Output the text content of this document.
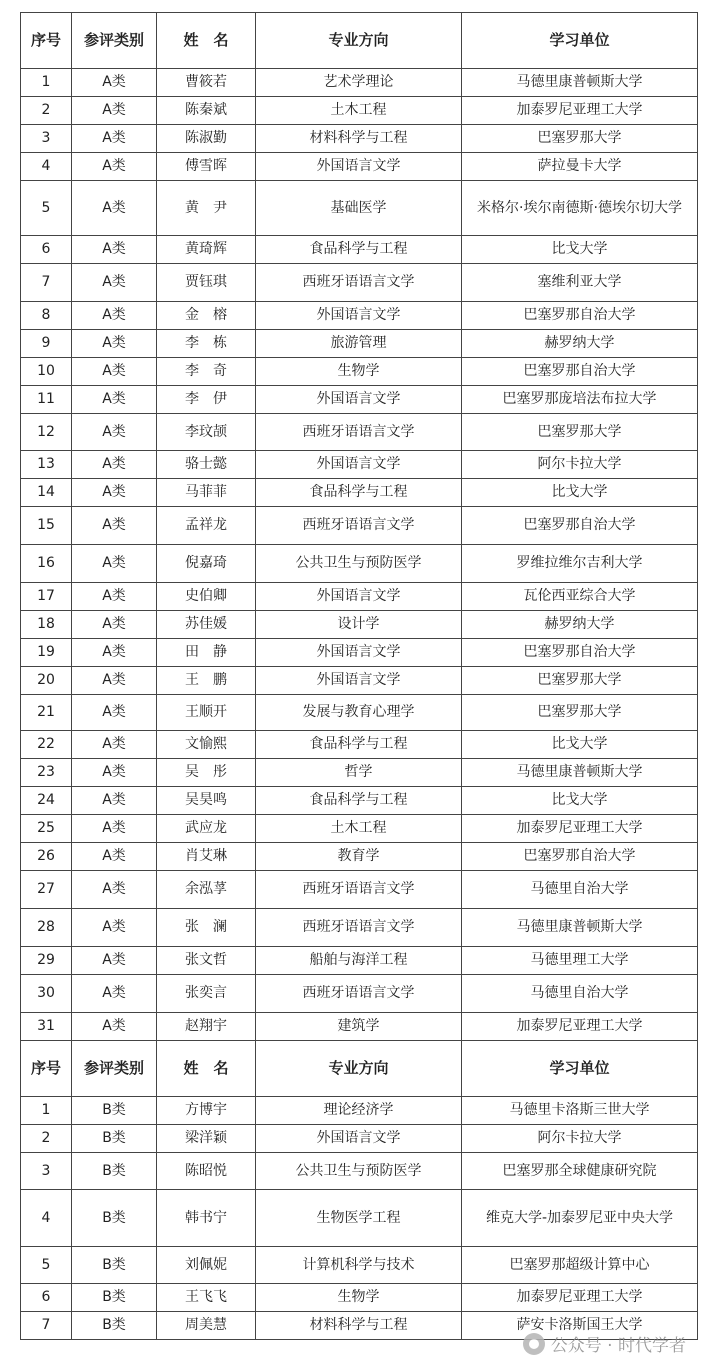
序号	参评类别	姓　名	专业方向	学习单位
1	A类	曹筱若	艺术学理论	马德里康普顿斯大学
2	A类	陈秦斌	土木工程	加泰罗尼亚理工大学
3	A类	陈淑勤	材料科学与工程	巴塞罗那大学
4	A类	傅雪晖	外国语言文学	萨拉曼卡大学
5	A类	黄　尹	基础医学	米格尔·埃尔南德斯·德埃尔切大学
6	A类	黄琦辉	食品科学与工程	比戈大学
7	A类	贾钰琪	西班牙语语言文学	塞维利亚大学
8	A类	金　榕	外国语言文学	巴塞罗那自治大学
9	A类	李　栋	旅游管理	赫罗纳大学
10	A类	李　奇	生物学	巴塞罗那自治大学
11	A类	李　伊	外国语言文学	巴塞罗那庞培法布拉大学
12	A类	李玟颉	西班牙语语言文学	巴塞罗那大学
13	A类	骆士懿	外国语言文学	阿尔卡拉大学
14	A类	马菲菲	食品科学与工程	比戈大学
15	A类	孟祥龙	西班牙语语言文学	巴塞罗那自治大学
16	A类	倪嘉琦	公共卫生与预防医学	罗维拉维尔吉利大学
17	A类	史伯卿	外国语言文学	瓦伦西亚综合大学
18	A类	苏佳媛	设计学	赫罗纳大学
19	A类	田　静	外国语言文学	巴塞罗那自治大学
20	A类	王　鹏	外国语言文学	巴塞罗那大学
21	A类	王顺开	发展与教育心理学	巴塞罗那大学
22	A类	文愉熙	食品科学与工程	比戈大学
23	A类	吴　彤	哲学	马德里康普顿斯大学
24	A类	吴昊鸣	食品科学与工程	比戈大学
25	A类	武应龙	土木工程	加泰罗尼亚理工大学
26	A类	肖艾琳	教育学	巴塞罗那自治大学
27	A类	余泓莩	西班牙语语言文学	马德里自治大学
28	A类	张　澜	西班牙语语言文学	马德里康普顿斯大学
29	A类	张文哲	船舶与海洋工程	马德里理工大学
30	A类	张奕言	西班牙语语言文学	马德里自治大学
31	A类	赵翔宇	建筑学	加泰罗尼亚理工大学
序号	参评类别	姓　名	专业方向	学习单位
1	B类	方博宇	理论经济学	马德里卡洛斯三世大学
2	B类	梁洋颖	外国语言文学	阿尔卡拉大学
3	B类	陈昭悦	公共卫生与预防医学	巴塞罗那全球健康研究院
4	B类	韩书宁	生物医学工程	维克大学-加泰罗尼亚中央大学
5	B类	刘佩妮	计算机科学与技术	巴塞罗那超级计算中心
6	B类	王飞飞	生物学	加泰罗尼亚理工大学
7	B类	周美慧	材料科学与工程	萨安卡洛斯国王大学
公众号 · 时代学者
